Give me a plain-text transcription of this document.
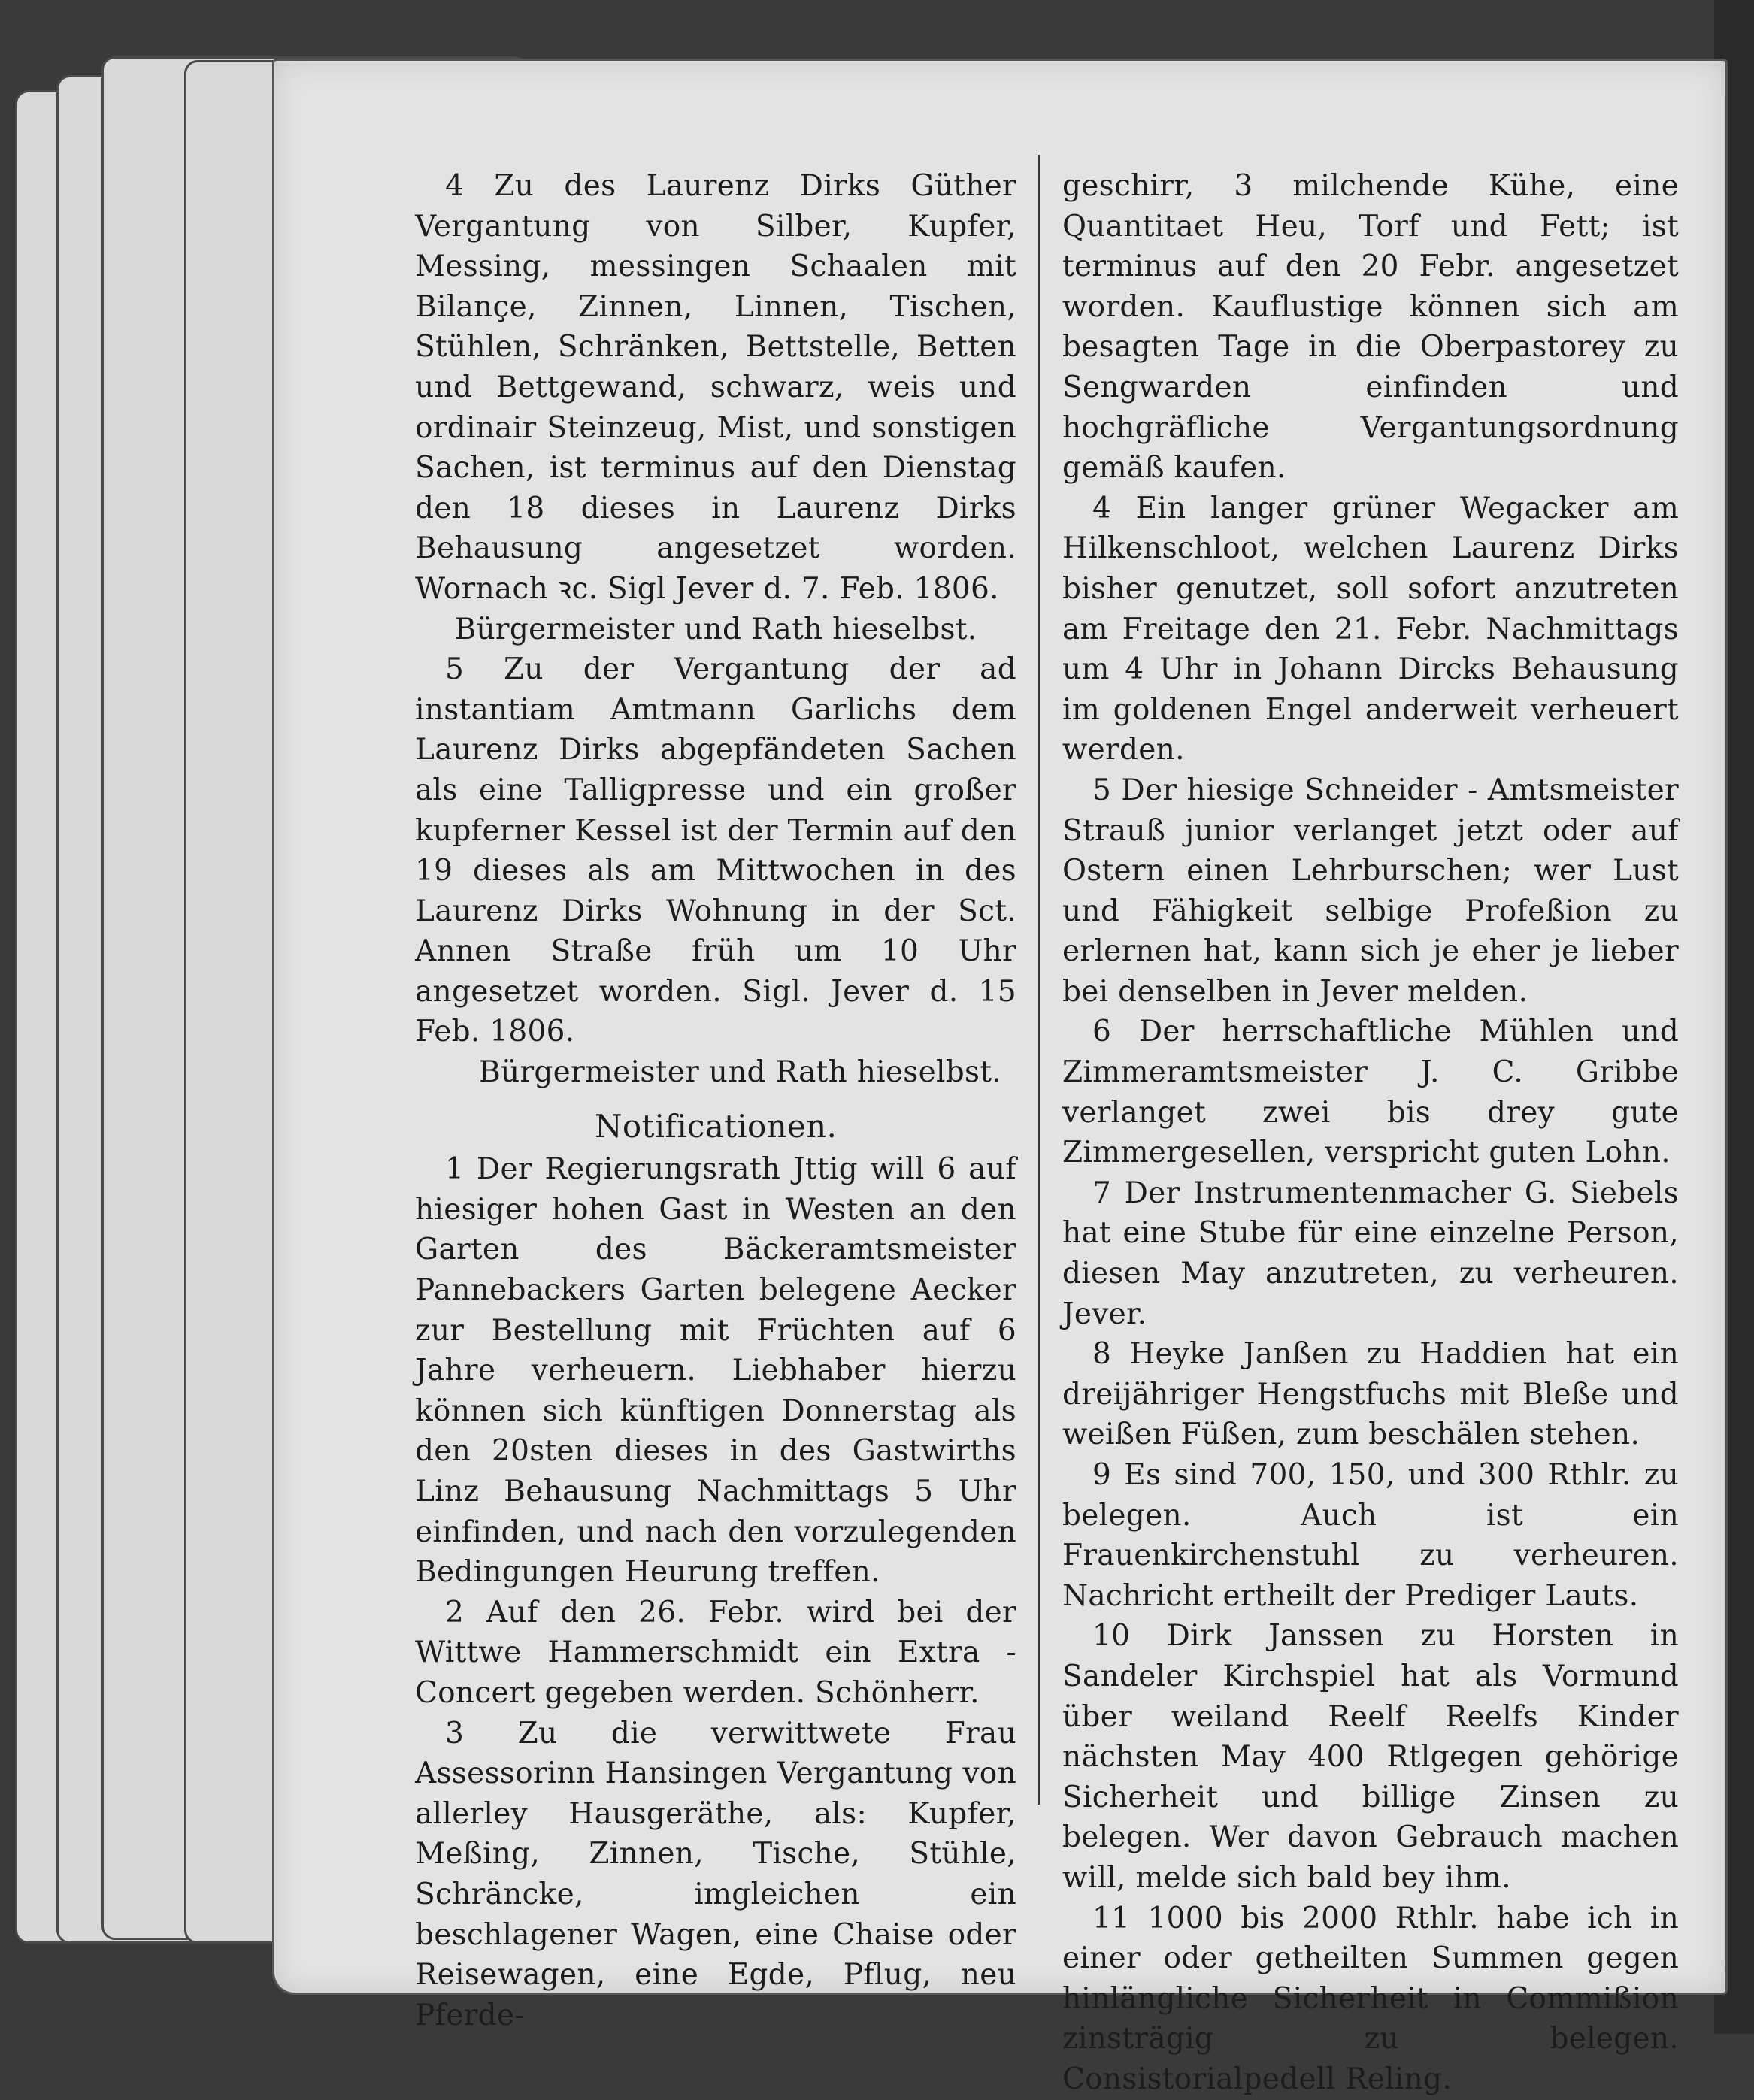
4 Zu des Laurenz Dirks Güther Vergantung von Silber, Kupfer, Messing, messingen Schaalen mit Bilançe, Zinnen, Linnen, Tischen, Stühlen, Schränken, Bettstelle, Betten und Bettgewand, schwarz, weis und ordinair Steinzeug, Mist, und sonstigen Sachen, ist terminus auf den Dienstag den 18 dieses in Laurenz Dirks Behausung angesetzet worden. Wornach ꝛc. Sigl Jever d. 7. Feb. 1806.

Bürgermeister und Rath hieselbst.

5 Zu der Vergantung der ad instantiam Amtmann Garlichs dem Laurenz Dirks abgepfändeten Sachen als eine Talligpresse und ein großer kupferner Kessel ist der Termin auf den 19 dieses als am Mittwochen in des Laurenz Dirks Wohnung in der Sct. Annen Straße früh um 10 Uhr angesetzet worden. Sigl. Jever d. 15 Feb. 1806.

Bürgermeister und Rath hieselbst.

Notificationen.

1 Der Regierungsrath Jttig will 6 auf hiesiger hohen Gast in Westen an den Garten des Bäckeramtsmeister Pannebackers Garten belegene Aecker zur Bestellung mit Früchten auf 6 Jahre verheuern. Liebhaber hierzu können sich künftigen Donnerstag als den 20sten dieses in des Gastwirths Linz Behausung Nachmittags 5 Uhr einfinden, und nach den vorzulegenden Bedingungen Heurung treffen.

2 Auf den 26. Febr. wird bei der Wittwe Hammerschmidt ein Extra - Concert gegeben werden. Schönherr.

3 Zu die verwittwete Frau Assessorinn Hansingen Vergantung von allerley Hausgeräthe, als: Kupfer, Meßing, Zinnen, Tische, Stühle, Schräncke, imgleichen ein beschlagener Wagen, eine Chaise oder Reisewagen, eine Egde, Pflug, neu Pferde-

geschirr, 3 milchende Kühe, eine Quantitaet Heu, Torf und Fett; ist terminus auf den 20 Febr. angesetzet worden. Kauflustige können sich am besagten Tage in die Oberpastorey zu Sengwarden einfinden und hochgräfliche Vergantungsordnung gemäß kaufen.

4 Ein langer grüner Wegacker am Hilkenschloot, welchen Laurenz Dirks bisher genutzet, soll sofort anzutreten am Freitage den 21. Febr. Nachmittags um 4 Uhr in Johann Dircks Behausung im goldenen Engel anderweit verheuert werden.

5 Der hiesige Schneider - Amtsmeister Strauß junior verlanget jetzt oder auf Ostern einen Lehrburschen; wer Lust und Fähigkeit selbige Profeßion zu erlernen hat, kann sich je eher je lieber bei denselben in Jever melden.

6 Der herrschaftliche Mühlen und Zimmeramtsmeister J. C. Gribbe verlanget zwei bis drey gute Zimmergesellen, verspricht guten Lohn.

7 Der Instrumentenmacher G. Siebels hat eine Stube für eine einzelne Person, diesen May anzutreten, zu verheuren. Jever.

8 Heyke Janßen zu Haddien hat ein dreijähriger Hengstfuchs mit Bleße und weißen Füßen, zum beschälen stehen.

9 Es sind 700, 150, und 300 Rthlr. zu belegen. Auch ist ein Frauenkirchenstuhl zu verheuren. Nachricht ertheilt der Prediger Lauts.

10 Dirk Janssen zu Horsten in Sandeler Kirchspiel hat als Vormund über weiland Reelf Reelfs Kinder nächsten May 400 Rtlgegen gehörige Sicherheit und billige Zinsen zu belegen. Wer davon Gebrauch machen will, melde sich bald bey ihm.

11 1000 bis 2000 Rthlr. habe ich in einer oder getheilten Summen gegen hinlängliche Sicherheit in Commißion zinsträgig zu belegen. Consistorialpedell Reling.
